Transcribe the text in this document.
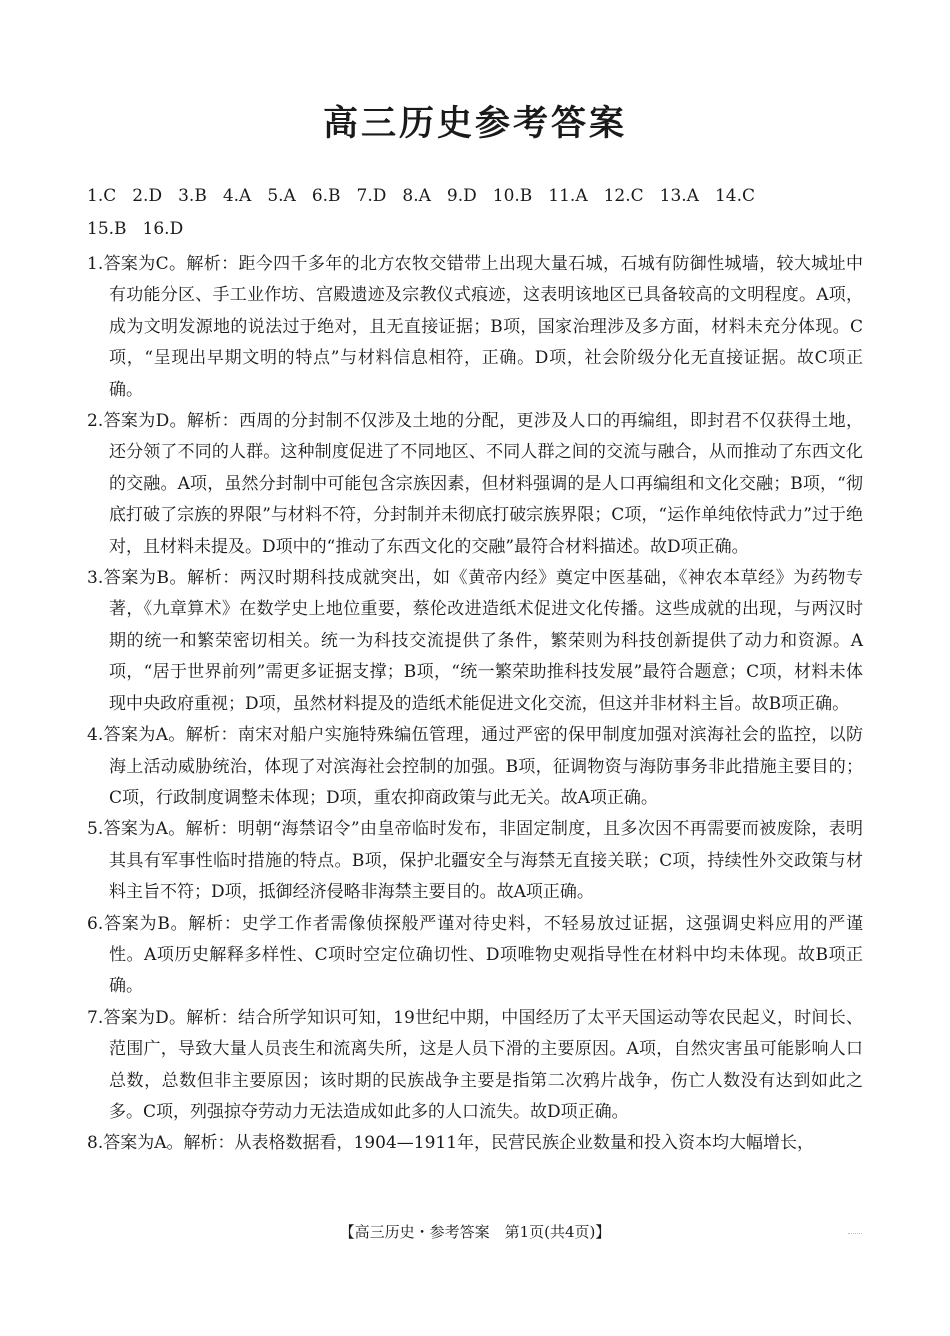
高三历史参考答案
1.C 2.D 3.B 4.A 5.A 6.B 7.D 8.A 9.D 10.B 11.A 12.C 13.A 14.C
15.B 16.D
1.答案为C。解析：距今四千多年的北方农牧交错带上出现大量石城，石城有防御性城墙，较大城址中有功能分区、手工业作坊、宫殿遗迹及宗教仪式痕迹，这表明该地区已具备较高的文明程度。A项，成为文明发源地的说法过于绝对，且无直接证据；B项，国家治理涉及多方面，材料未充分体现。C项，“呈现出早期文明的特点”与材料信息相符，正确。D项，社会阶级分化无直接证据。故C项正确。
2.答案为D。解析：西周的分封制不仅涉及土地的分配，更涉及人口的再编组，即封君不仅获得土地，还分领了不同的人群。这种制度促进了不同地区、不同人群之间的交流与融合，从而推动了东西文化的交融。A项，虽然分封制中可能包含宗族因素，但材料强调的是人口再编组和文化交融；B项，“彻底打破了宗族的界限”与材料不符，分封制并未彻底打破宗族界限；C项，“运作单纯依恃武力”过于绝对，且材料未提及。D项中的“推动了东西文化的交融”最符合材料描述。故D项正确。
3.答案为B。解析：两汉时期科技成就突出，如《黄帝内经》奠定中医基础，《神农本草经》为药物专著，《九章算术》在数学史上地位重要，蔡伦改进造纸术促进文化传播。这些成就的出现，与两汉时期的统一和繁荣密切相关。统一为科技交流提供了条件，繁荣则为科技创新提供了动力和资源。A项，“居于世界前列”需更多证据支撑；B项，“统一繁荣助推科技发展”最符合题意；C项，材料未体现中央政府重视；D项，虽然材料提及的造纸术能促进文化交流，但这并非材料主旨。故B项正确。
4.答案为A。解析：南宋对船户实施特殊编伍管理，通过严密的保甲制度加强对滨海社会的监控，以防海上活动威胁统治，体现了对滨海社会控制的加强。B项，征调物资与海防事务非此措施主要目的；C项，行政制度调整未体现；D项，重农抑商政策与此无关。故A项正确。
5.答案为A。解析：明朝“海禁诏令”由皇帝临时发布，非固定制度，且多次因不再需要而被废除，表明其具有军事性临时措施的特点。B项，保护北疆安全与海禁无直接关联；C项，持续性外交政策与材料主旨不符；D项，抵御经济侵略非海禁主要目的。故A项正确。
6.答案为B。解析：史学工作者需像侦探般严谨对待史料，不轻易放过证据，这强调史料应用的严谨性。A项历史解释多样性、C项时空定位确切性、D项唯物史观指导性在材料中均未体现。故B项正确。
7.答案为D。解析：结合所学知识可知，19世纪中期，中国经历了太平天国运动等农民起义，时间长、范围广，导致大量人员丧生和流离失所，这是人员下滑的主要原因。A项，自然灾害虽可能影响人口总数，总数但非主要原因；该时期的民族战争主要是指第二次鸦片战争，伤亡人数没有达到如此之多。C项，列强掠夺劳动力无法造成如此多的人口流失。故D项正确。
8.答案为A。解析：从表格数据看，1904—1911年，民营民族企业数量和投入资本均大幅增长，
【高三历史・参考答案　第1页(共4页)】
